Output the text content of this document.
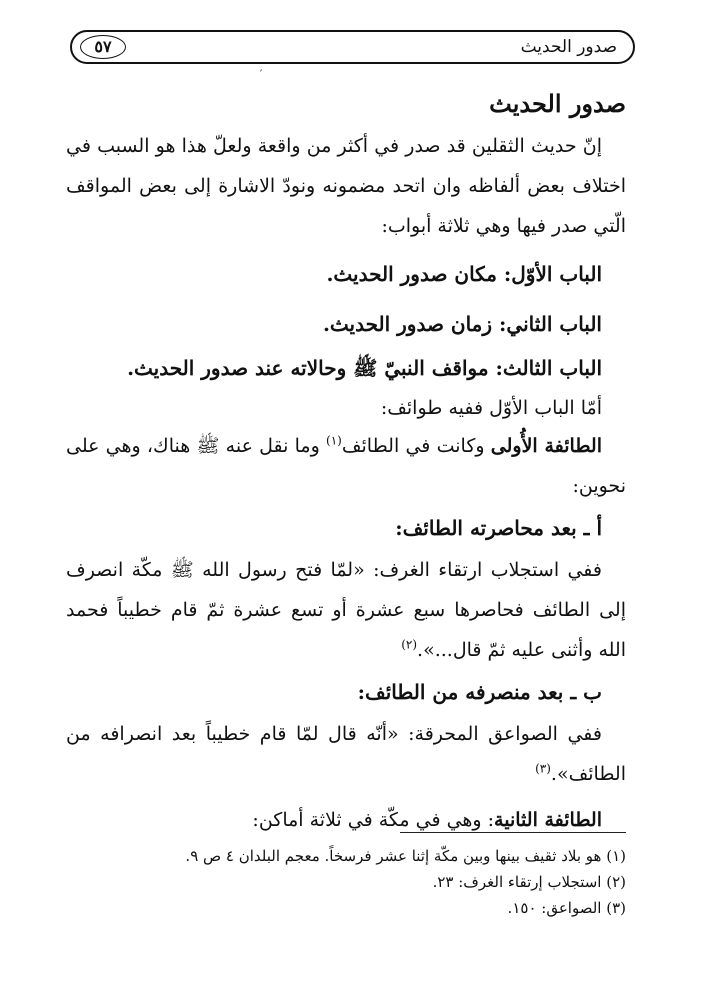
صدور الحديث
٥٧
ˊ
صدور الحديث

إنّ حديث الثقلين قد صدر في أكثر من واقعة ولعلّ هذا هو السبب في اختلاف بعض ألفاظه وان اتحد مضمونه ونودّ الاشارة إلى بعض المواقف الّتي صدر فيها وهي ثلاثة أبواب:

الباب الأوّل: مكان صدور الحديث.

الباب الثاني: زمان صدور الحديث.

الباب الثالث: مواقف النبيّ ﷺ وحالاته عند صدور الحديث.

أمّا الباب الأوّل ففيه طوائف:

الطائفة الأُولى وكانت في الطائف$^{(١)}$ وما نقل عنه ﷺ هناك، وهي على نحوين:

أ ـ بعد محاصرته الطائف:

ففي استجلاب ارتقاء الغرف: «لمّا فتح رسول الله ﷺ مكّة انصرف إلى الطائف فحاصرها سبع عشرة أو تسع عشرة ثمّ قام خطيباً فحمد الله وأثنى عليه ثمّ قال...».$^{(٢)}$

ب ـ بعد منصرفه من الطائف:

ففي الصواعق المحرقة: «أنّه قال لمّا قام خطيباً بعد انصرافه من الطائف».$^{(٣)}$

الطائفة الثانية: وهي في مكّة في ثلاثة أماكن:

(١) هو بلاد ثقيف بينها وبين مكّة إثنا عشر فرسخاً. معجم البلدان ٤ ص ٩.

(٢) استجلاب إرتقاء الغرف: ٢٣.

(٣) الصواعق: ١٥٠.
